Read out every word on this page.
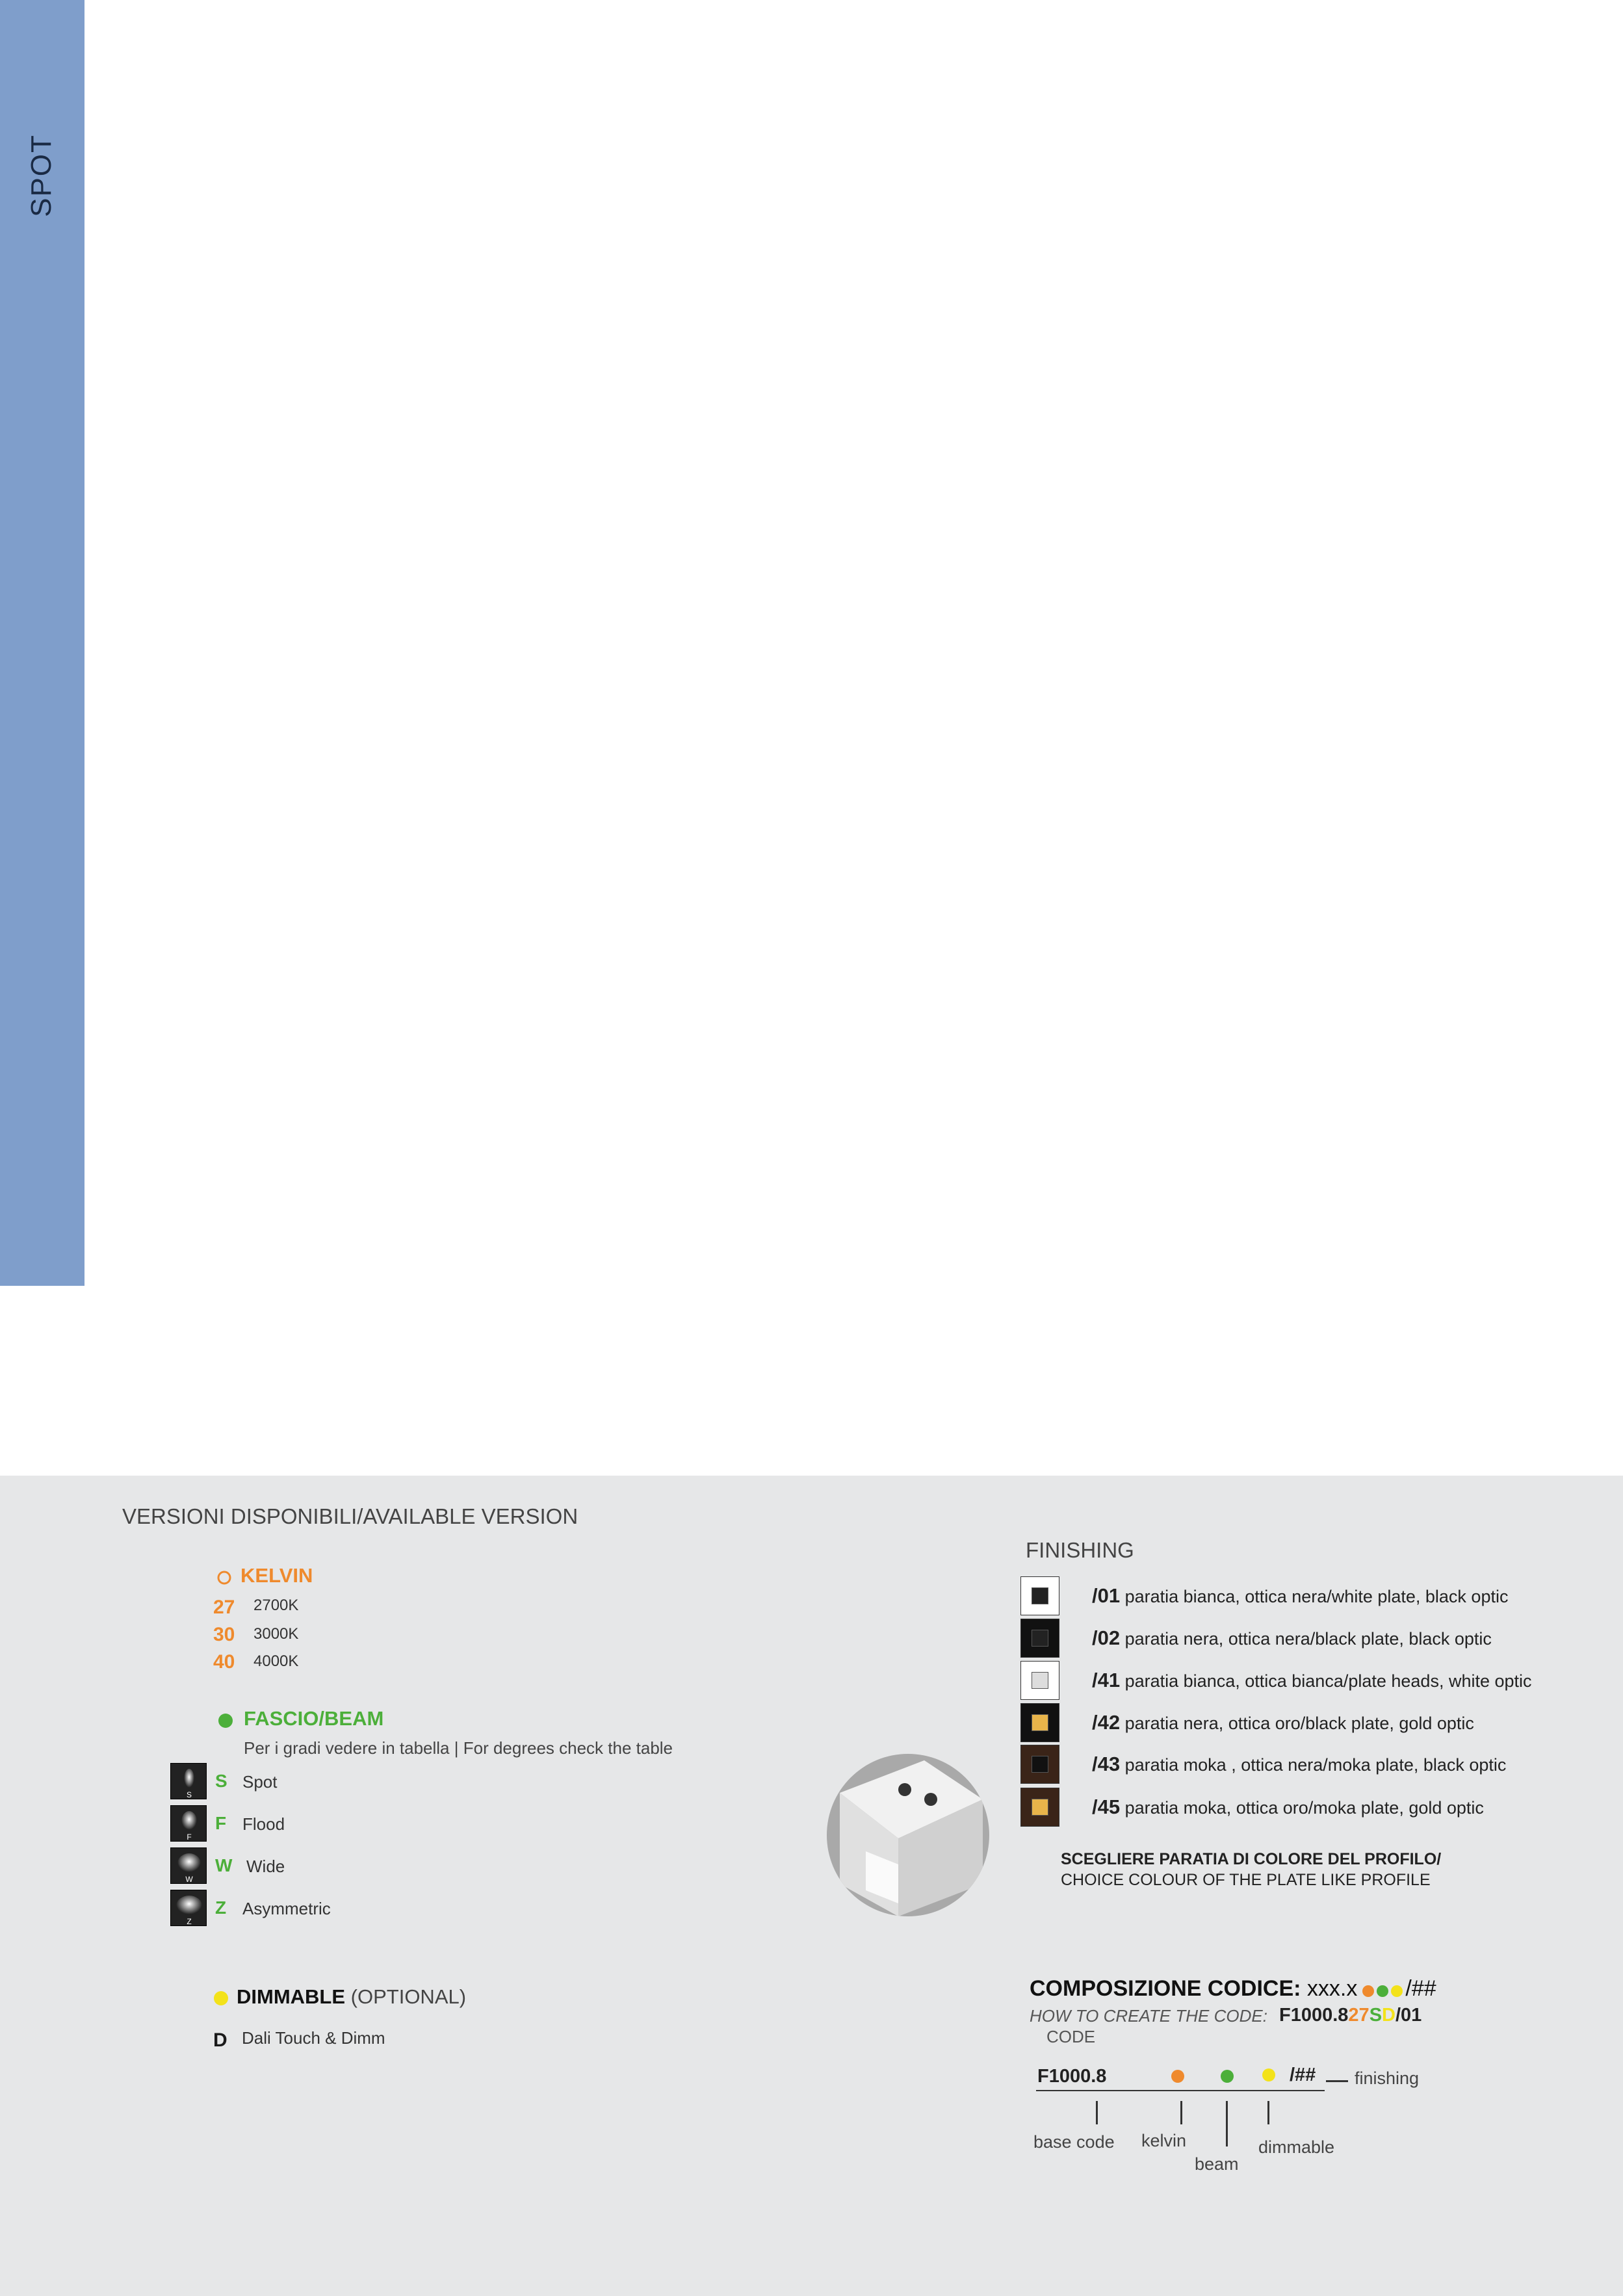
SPOT
VERSIONI DISPONIBILI/AVAILABLE VERSION
KELVIN
27 2700K
30 3000K
40 4000K
FASCIO/BEAM
Per i gradi vedere in tabella | For degrees check the table
S
S Spot
F
F Flood
W
W Wide
Z
Z Asymmetric
DIMMABLE (OPTIONAL)
D Dali Touch & Dimm
FINISHING
/01 paratia bianca, ottica nera/white plate, black optic
/02 paratia nera, ottica nera/black plate, black optic
/41 paratia bianca, ottica bianca/plate heads, white optic
/42 paratia nera, ottica oro/black plate, gold optic
/43 paratia moka , ottica nera/moka plate, black optic
/45 paratia moka, ottica oro/moka plate, gold optic
SCEGLIERE PARATIA DI COLORE DEL PROFILO/
CHOICE COLOUR OF THE PLATE LIKE PROFILE
COMPOSIZIONE CODICE: xxx.x /##
HOW TO CREATE THE CODE:
CODE
F1000.827SD/01
F1000.8	/## finishing
base code kelvin
beam
dimmable
